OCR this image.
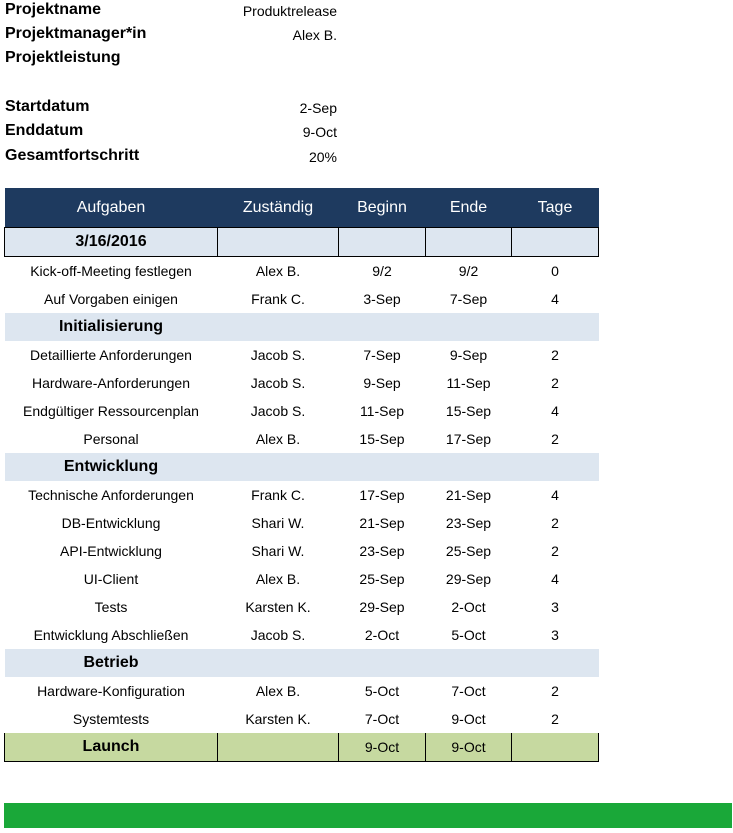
Projektname	Produktrelease
Projektmanager*in	Alex B.
Projektleistung
Startdatum	2-Sep
Enddatum	9-Oct
Gesamtfortschritt	20%
Aufgaben	Zuständig	Beginn	Ende	Tage
3/16/2016				
Kick-off-Meeting festlegen	Alex B.	9/2	9/2	0
Auf Vorgaben einigen	Frank C.	3-Sep	7-Sep	4
Initialisierung				
Detaillierte Anforderungen	Jacob S.	7-Sep	9-Sep	2
Hardware-Anforderungen	Jacob S.	9-Sep	11-Sep	2
Endgültiger Ressourcenplan	Jacob S.	11-Sep	15-Sep	4
Personal	Alex B.	15-Sep	17-Sep	2
Entwicklung				
Technische Anforderungen	Frank C.	17-Sep	21-Sep	4
DB-Entwicklung	Shari W.	21-Sep	23-Sep	2
API-Entwicklung	Shari W.	23-Sep	25-Sep	2
UI-Client	Alex B.	25-Sep	29-Sep	4
Tests	Karsten K.	29-Sep	2-Oct	3
Entwicklung Abschließen	Jacob S.	2-Oct	5-Oct	3
Betrieb				
Hardware-Konfiguration	Alex B.	5-Oct	7-Oct	2
Systemtests	Karsten K.	7-Oct	9-Oct	2
Launch		9-Oct	9-Oct	
